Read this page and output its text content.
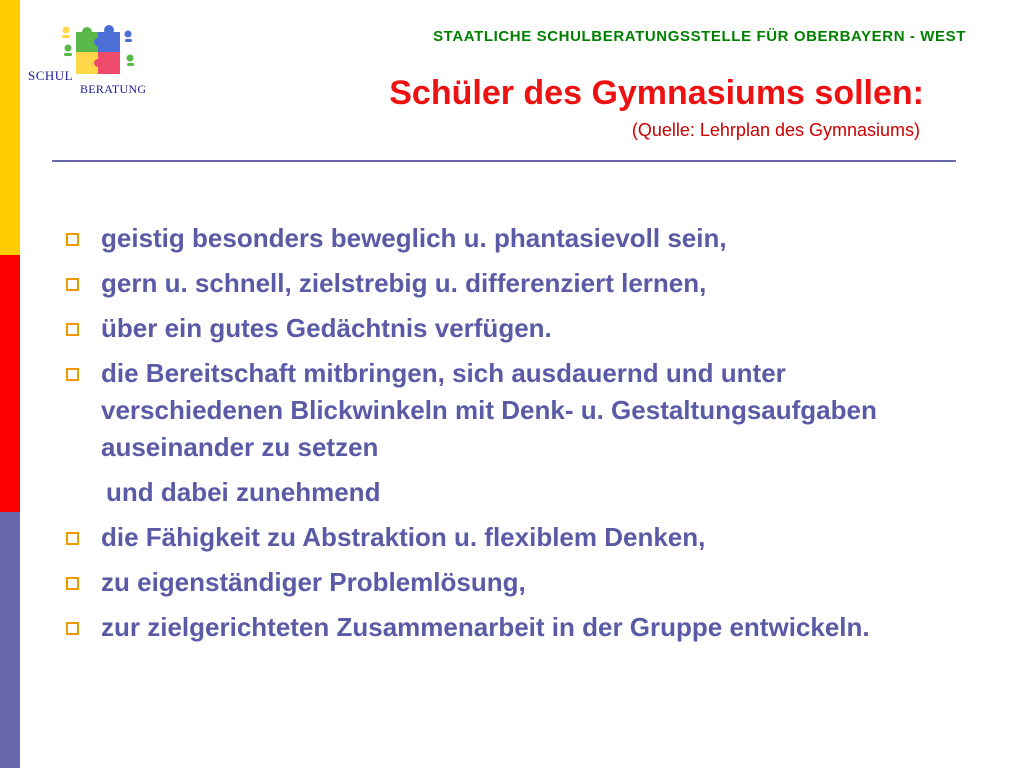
SCHUL
BERATUNG
STAATLICHE SCHULBERATUNGSSTELLE FÜR OBERBAYERN - WEST
Schüler des Gymnasiums sollen:
(Quelle: Lehrplan des Gymnasiums)
geistig besonders beweglich u. phantasievoll sein,
gern u. schnell, zielstrebig u. differenziert lernen,
über ein gutes Gedächtnis verfügen.
die Bereitschaft mitbringen, sich ausdauernd und unter verschiedenen Blickwinkeln mit Denk- u. Gestaltungsaufgaben auseinander zu setzen
und dabei zunehmend
die Fähigkeit zu Abstraktion u. flexiblem Denken,
zu eigenständiger Problemlösung,
zur zielgerichteten Zusammenarbeit in der Gruppe entwickeln.
